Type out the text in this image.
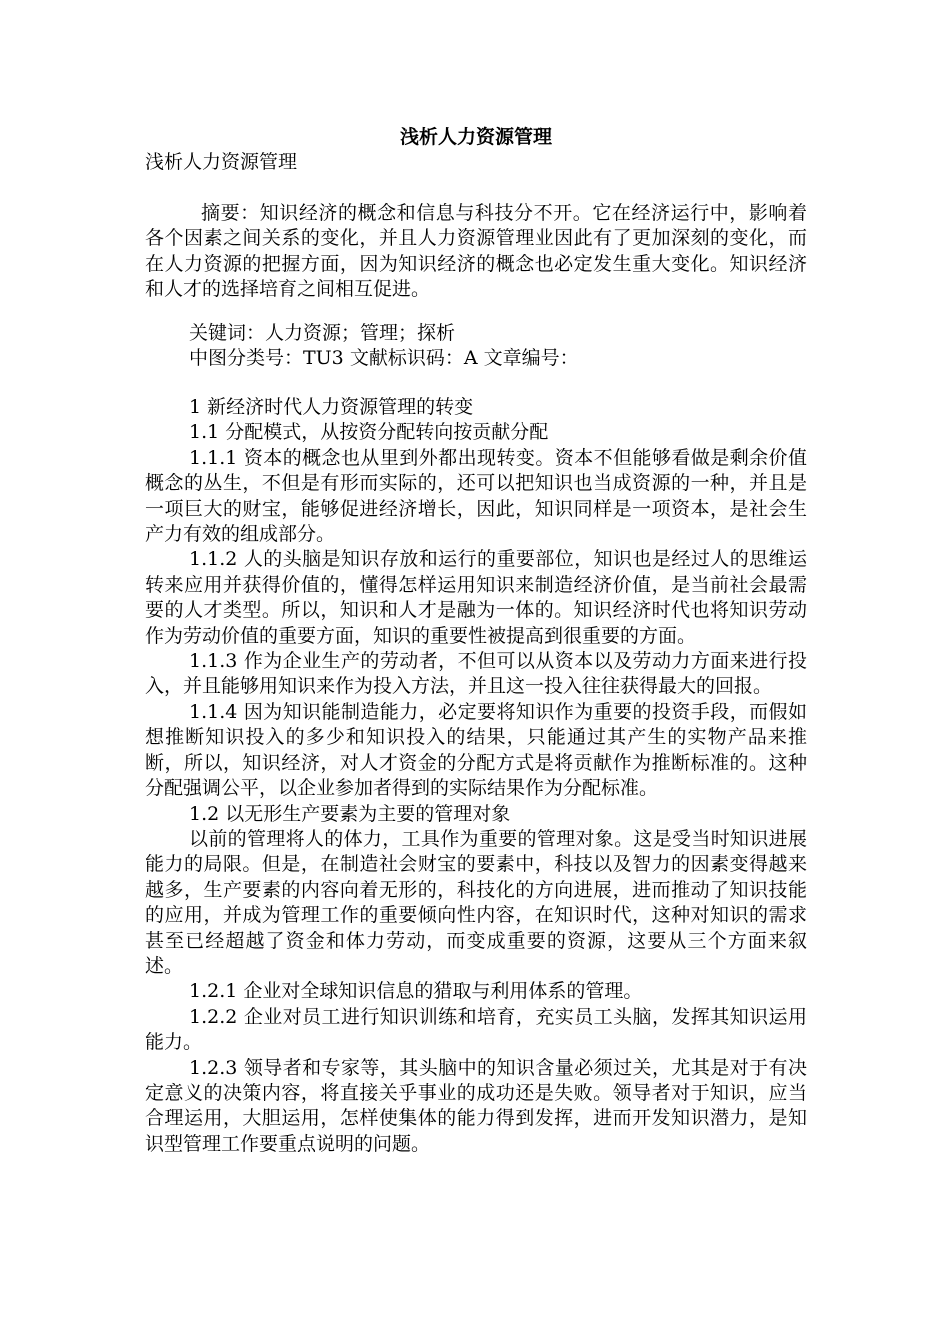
浅析人力资源管理

浅析人力资源管理

摘要：知识经济的概念和信息与科技分不开。它在经济运行中，影响着各个因素之间关系的变化，并且人力资源管理业因此有了更加深刻的变化，而在人力资源的把握方面，因为知识经济的概念也必定发生重大变化。知识经济和人才的选择培育之间相互促进。

关键词：人力资源；管理；探析

中图分类号：TU3 文献标识码：A 文章编号：

1 新经济时代人力资源管理的转变

1.1 分配模式，从按资分配转向按贡献分配

1.1.1 资本的概念也从里到外都出现转变。资本不但能够看做是剩余价值概念的丛生，不但是有形而实际的，还可以把知识也当成资源的一种，并且是一项巨大的财宝，能够促进经济增长，因此，知识同样是一项资本，是社会生产力有效的组成部分。

1.1.2 人的头脑是知识存放和运行的重要部位，知识也是经过人的思维运转来应用并获得价值的，懂得怎样运用知识来制造经济价值，是当前社会最需要的人才类型。所以，知识和人才是融为一体的。知识经济时代也将知识劳动作为劳动价值的重要方面，知识的重要性被提高到很重要的方面。

1.1.3 作为企业生产的劳动者，不但可以从资本以及劳动力方面来进行投入，并且能够用知识来作为投入方法，并且这一投入往往获得最大的回报。

1.1.4 因为知识能制造能力，必定要将知识作为重要的投资手段，而假如想推断知识投入的多少和知识投入的结果，只能通过其产生的实物产品来推断，所以，知识经济，对人才资金的分配方式是将贡献作为推断标准的。这种分配强调公平，以企业参加者得到的实际结果作为分配标准。

1.2 以无形生产要素为主要的管理对象

以前的管理将人的体力，工具作为重要的管理对象。这是受当时知识进展能力的局限。但是，在制造社会财宝的要素中，科技以及智力的因素变得越来越多，生产要素的内容向着无形的，科技化的方向进展，进而推动了知识技能的应用，并成为管理工作的重要倾向性内容，在知识时代，这种对知识的需求甚至已经超越了资金和体力劳动，而变成重要的资源，这要从三个方面来叙述。

1.2.1 企业对全球知识信息的猎取与利用体系的管理。

1.2.2 企业对员工进行知识训练和培育，充实员工头脑，发挥其知识运用能力。

1.2.3 领导者和专家等，其头脑中的知识含量必须过关，尤其是对于有决定意义的决策内容，将直接关乎事业的成功还是失败。领导者对于知识，应当合理运用，大胆运用，怎样使集体的能力得到发挥，进而开发知识潜力，是知识型管理工作要重点说明的问题。
